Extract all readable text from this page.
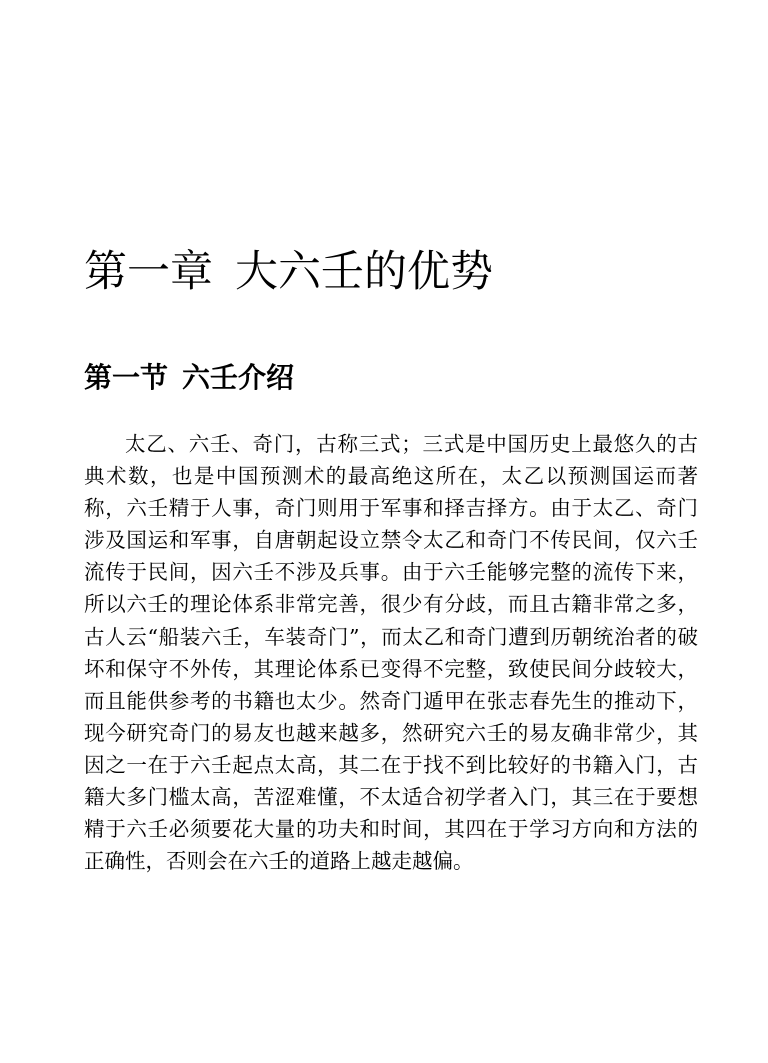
第一章 大六壬的优势
第一节 六壬介绍

太乙、六壬、奇门，古称三式；三式是中国历史上最悠久的古典术数，也是中国预测术的最高绝这所在，太乙以预测国运而著称，六壬精于人事，奇门则用于军事和择吉择方。由于太乙、奇门涉及国运和军事，自唐朝起设立禁令太乙和奇门不传民间，仅六壬流传于民间，因六壬不涉及兵事。由于六壬能够完整的流传下来，所以六壬的理论体系非常完善，很少有分歧，而且古籍非常之多，古人云“船装六壬，车装奇门”，而太乙和奇门遭到历朝统治者的破坏和保守不外传，其理论体系已变得不完整，致使民间分歧较大，而且能供参考的书籍也太少。然奇门遁甲在张志春先生的推动下，现今研究奇门的易友也越来越多，然研究六壬的易友确非常少，其因之一在于六壬起点太高，其二在于找不到比较好的书籍入门，古籍大多门槛太高，苦涩难懂，不太适合初学者入门，其三在于要想精于六壬必须要花大量的功夫和时间，其四在于学习方向和方法的正确性，否则会在六壬的道路上越走越偏。
